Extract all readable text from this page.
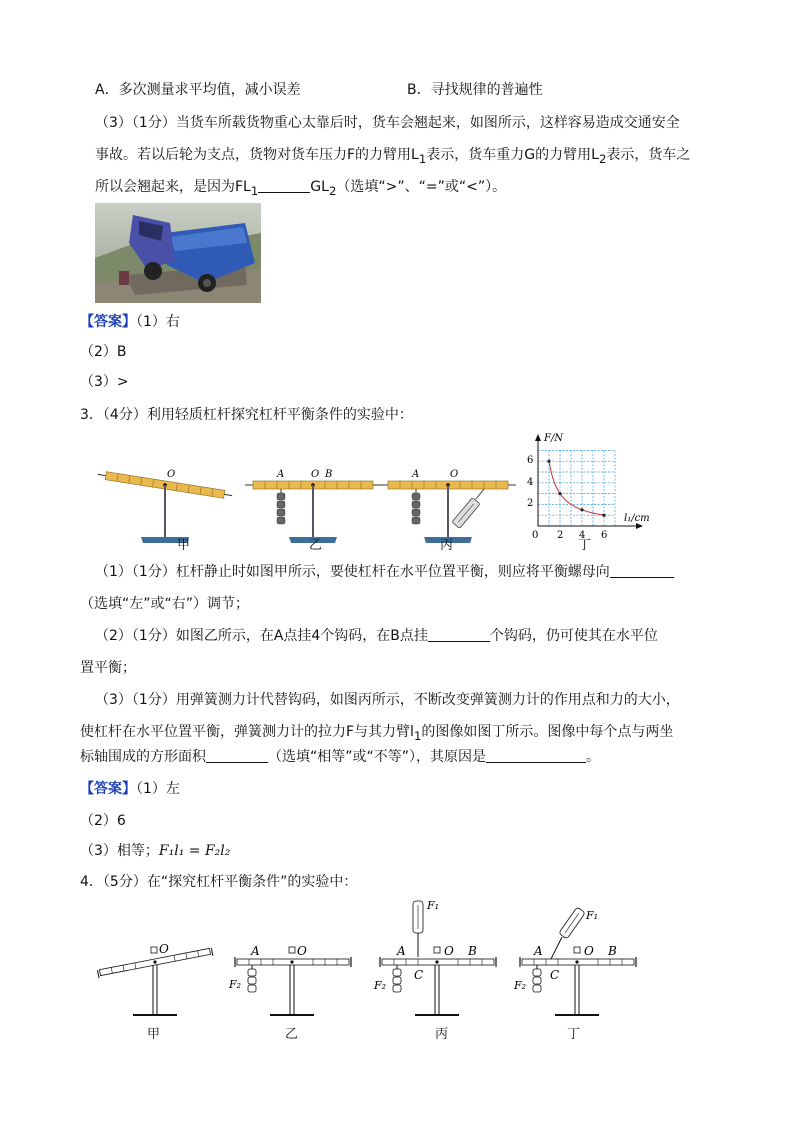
A．多次测量求平均值，减小误差	B．寻找规律的普遍性
（3）（1分）当货车所载货物重心太靠后时，货车会翘起来，如图所示，这样容易造成交通安全
事故。若以后轮为支点，货物对货车压力F的力臂用$L_1$表示，货车重力G的力臂用$L_2$表示，货车之
所以会翘起来，是因为$FL_1$	$GL_2$（选填“>”、“=”或“<”）。
【答案】（1）右
（2）B
（3）>
3．（4分）利用轻质杠杆探究杠杆平衡条件的实验中：
O
甲
A	O B
乙
A	O
丙
F/N
l₁/cm
6
4
2
0 2 4 6
丁
（1）（1分）杠杆静止时如图甲所示，要使杠杆在水平位置平衡，则应将平衡螺母向
（选填“左”或“右”）调节；
（2）（1分）如图乙所示，在A点挂4个钩码，在B点挂	个钩码，仍可使其在水平位
置平衡；
（3）（1分）用弹簧测力计代替钩码，如图丙所示，不断改变弹簧测力计的作用点和力的大小，
使杠杆在水平位置平衡，弹簧测力计的拉力F与其力臂$l_1$的图像如图丁所示。图像中每个点与两坐
标轴围成的方形面积	（选填“相等”或“不等”），其原因是	。
【答案】（1）左
（2）6
（3）相等；F₁l₁ = F₂l₂
4．（5分）在“探究杠杆平衡条件”的实验中：
O
甲
A	O
F₂
乙
F₁
A	O B
C
F₂
丙
F₁
A	O B
C
F₂
丁
